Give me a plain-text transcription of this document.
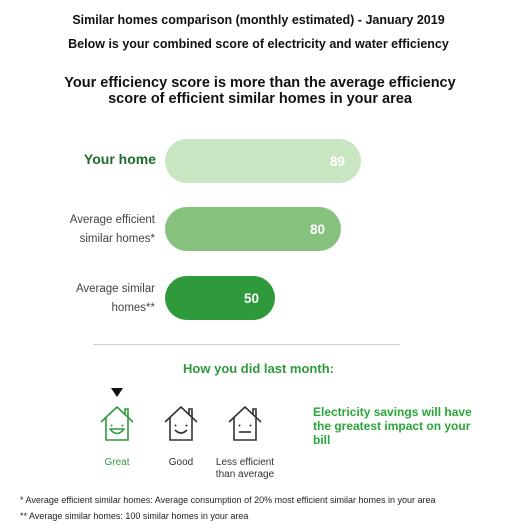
Similar homes comparison (monthly estimated) - January 2019
Below is your combined score of electricity and water efficiency
Your efficiency score is more than the average efficiency score of efficient similar homes in your area
Your home	89
Average efficient
similar homes*
80
Average similar
homes**
50
How you did last month:
Great	Good	Less efficient
than average
Electricity savings will have the greatest impact on your bill
* Average efficient similar homes: Average consumption of 20% most efficient similar homes in your area
** Average similar homes: 100 similar homes in your area
